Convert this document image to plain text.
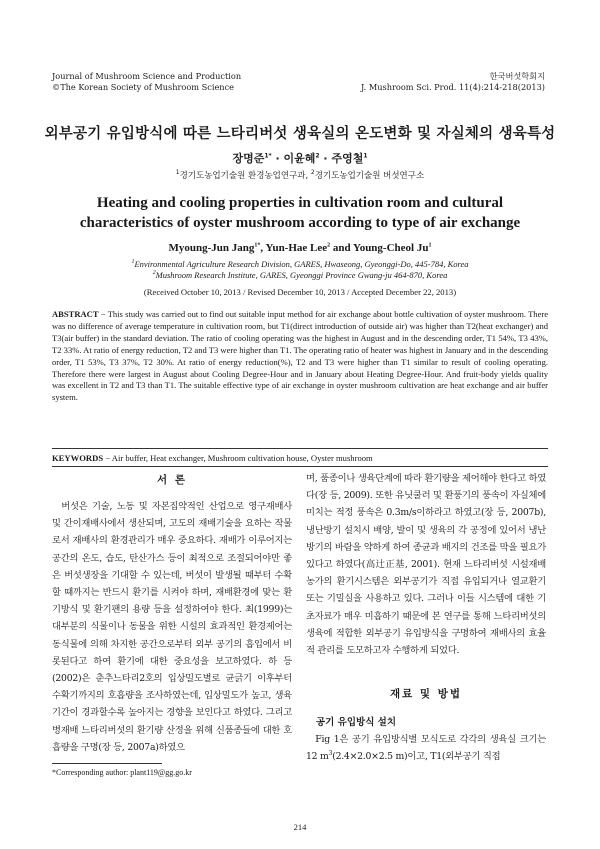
Journal of Mushroom Science and Production
©The Korean Society of Mushroom Science
한국버섯학회지
J. Mushroom Sci. Prod. 11(4):214-218(2013)
외부공기 유입방식에 따른 느타리버섯 생육실의 온도변화 및 자실체의 생육특성
장명준$^{1*}$ · 이윤혜$^2$ · 주영철$^1$
$^1$경기도농업기술원 환경농업연구과, $^2$경기도농업기술원 버섯연구소
Heating and cooling properties in cultivation room and cultural characteristics of oyster mushroom according to type of air exchange
Myoung-Jun Jang$^{1*}$, Yun-Hae Lee$^2$ and Young-Cheol Ju$^1$
$^1$Environmental Agriculture Research Division, GARES, Hwaseong, Gyeonggi-Do, 445-784, Korea
$^2$Mushroom Research Institute, GARES, Gyeonggi Province Gwang-ju 464-870, Korea
(Received October 10, 2013 / Revised December 10, 2013 / Accepted December 22, 2013)
ABSTRACT − This study was carried out to find out suitable input method for air exchange about bottle cultivation of oyster mushroom. There was no difference of average temperature in cultivation room, but T1(direct introduction of outside air) was higher than T2(heat exchanger) and T3(air buffer) in the standard deviation. The ratio of cooling operating was the highest in August and in the descending order, T1 54%, T3 43%, T2 33%. At ratio of energy reduction, T2 and T3 were higher than T1. The operating ratio of heater was highest in January and in the descending order, T1 53%, T3 37%, T2 30%. At ratio of energy reduction(%), T2 and T3 were higher than T1 similar to result of cooling operating. Therefore there were largest in August about Cooling Degree-Hour and in January about Heating Degree-Hour. And fruit-body yields quality was excellent in T2 and T3 than T1. The suitable effective type of air exchange in oyster mushroom cultivation are heat exchange and air buffer system.
KEYWORDS − Air buffer, Heat exchanger, Mushroom cultivation house, Oyster mushroom
서 론

버섯은 기술, 노동 및 자본집약적인 산업으로 영구재배사 및 간이재배사에서 생산되며, 고도의 재배기술을 요하는 작물로서 재배사의 환경관리가 매우 중요하다. 재배가 이루어지는 공간의 온도, 습도, 탄산가스 등이 최적으로 조절되어야만 좋은 버섯생장을 기대할 수 있는데, 버섯이 발생될 때부터 수확할 때까지는 반드시 환기를 시켜야 하며, 재배환경에 맞는 환기방식 및 환기팬의 용량 등을 설정하여야 한다. 최(1999)는 대부분의 식물이나 동물을 위한 시설의 효과적인 환경제어는 동식물에 의해 차지한 공간으로부터 외부 공기의 흡입에서 비롯된다고 하여 환기에 대한 중요성을 보고하였다. 하 등(2002)은 춘추느타리2호의 입상밀도별로 균긁기 이후부터 수확기까지의 호흡량을 조사하였는데, 입상밀도가 높고, 생육기간이 경과할수록 높아지는 경향을 보인다고 하였다. 그리고 병재배 느타리버섯의 환기량 산정을 위해 신품종들에 대한 호흡량을 구명(장 등, 2007a)하였으

며, 품종이나 생육단계에 따라 환기량을 제어해야 한다고 하였다(장 등, 2009). 또한 유닛쿨러 및 환풍기의 풍속이 자실체에 미치는 적정 풍속은 0.3m/s이하라고 하였고(장 등, 2007b), 냉난방기 설치시 배양, 발이 및 생육의 각 공정에 있어서 냉난방기의 바람을 약하게 하여 종균과 배지의 건조를 막을 필요가 있다고 하였다(高辻正基, 2001). 현재 느타리버섯 시설재배농가의 환기시스템은 외부공기가 직접 유입되거나 열교환기 또는 기밀실을 사용하고 있다. 그러나 이들 시스템에 대한 기초자료가 매우 미흡하기 때문에 본 연구를 통해 느타리버섯의 생육에 적합한 외부공기 유입방식을 구명하여 재배사의 효율적 관리를 도모하고자 수행하게 되었다.

재료 및 방법
공기 유입방식 설치

Fig 1은 공기 유입방식별 모식도로 각각의 생육실 크기는 12 $m^3(2.4\times 2.0\times 2.5$ m)이고, T1(외부공기 직접

*Corresponding author: plant119@gg.go.kr
214
